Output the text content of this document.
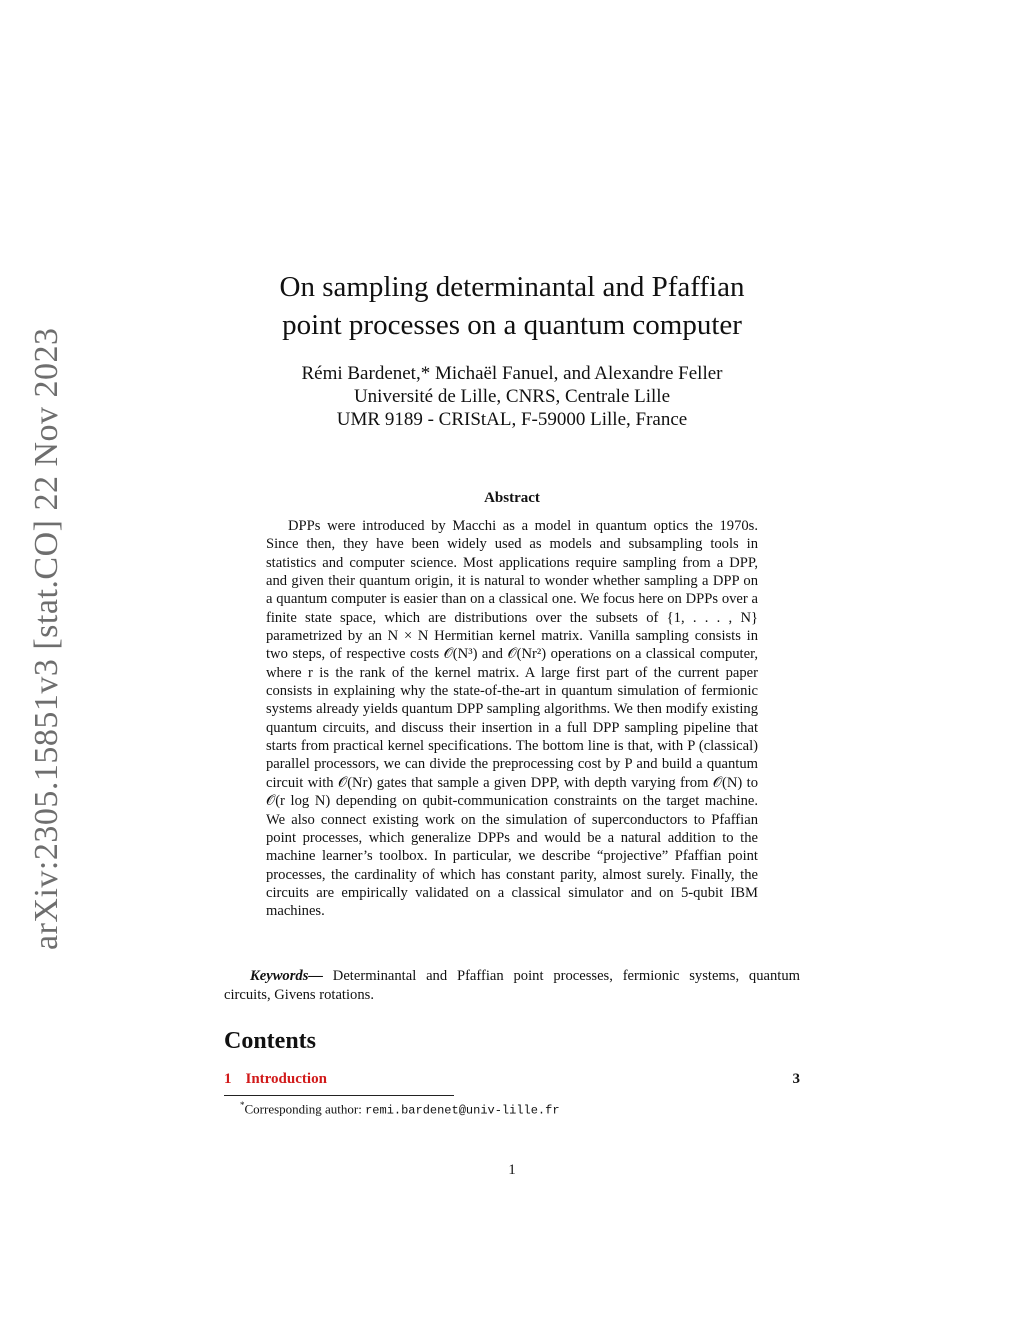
arXiv:2305.15851v3 [stat.CO] 22 Nov 2023
On sampling determinantal and Pfaffian
point processes on a quantum computer
Rémi Bardenet,* Michaël Fanuel, and Alexandre Feller
Université de Lille, CNRS, Centrale Lille
UMR 9189 - CRIStAL, F-59000 Lille, France
Abstract

DPPs were introduced by Macchi as a model in quantum optics the 1970s. Since then, they have been widely used as models and subsampling tools in statistics and computer science. Most applications require sampling from a DPP, and given their quantum origin, it is natural to wonder whether sampling a DPP on a quantum computer is easier than on a classical one. We focus here on DPPs over a finite state space, which are distributions over the subsets of {1, . . . , N} parametrized by an N × N Hermitian kernel matrix. Vanilla sampling consists in two steps, of respective costs 𝒪(N³) and 𝒪(Nr²) operations on a classical computer, where r is the rank of the kernel matrix. A large first part of the current paper consists in explaining why the state-of-the-art in quantum simulation of fermionic systems already yields quantum DPP sampling algorithms. We then modify existing quantum circuits, and discuss their insertion in a full DPP sampling pipeline that starts from practical kernel specifications. The bottom line is that, with P (classical) parallel processors, we can divide the preprocessing cost by P and build a quantum circuit with 𝒪(Nr) gates that sample a given DPP, with depth varying from 𝒪(N) to 𝒪(r log N) depending on qubit-communication constraints on the target machine. We also connect existing work on the simulation of superconductors to Pfaffian point processes, which generalize DPPs and would be a natural addition to the machine learner’s toolbox. In particular, we describe “projective” Pfaffian point processes, the cardinality of which has constant parity, almost surely. Finally, the circuits are empirically validated on a classical simulator and on 5-qubit IBM machines.

Keywords— Determinantal and Pfaffian point processes, fermionic systems, quantum circuits, Givens rotations.

Contents
1 Introduction	3
*Corresponding author: remi.bardenet@univ-lille.fr
1
